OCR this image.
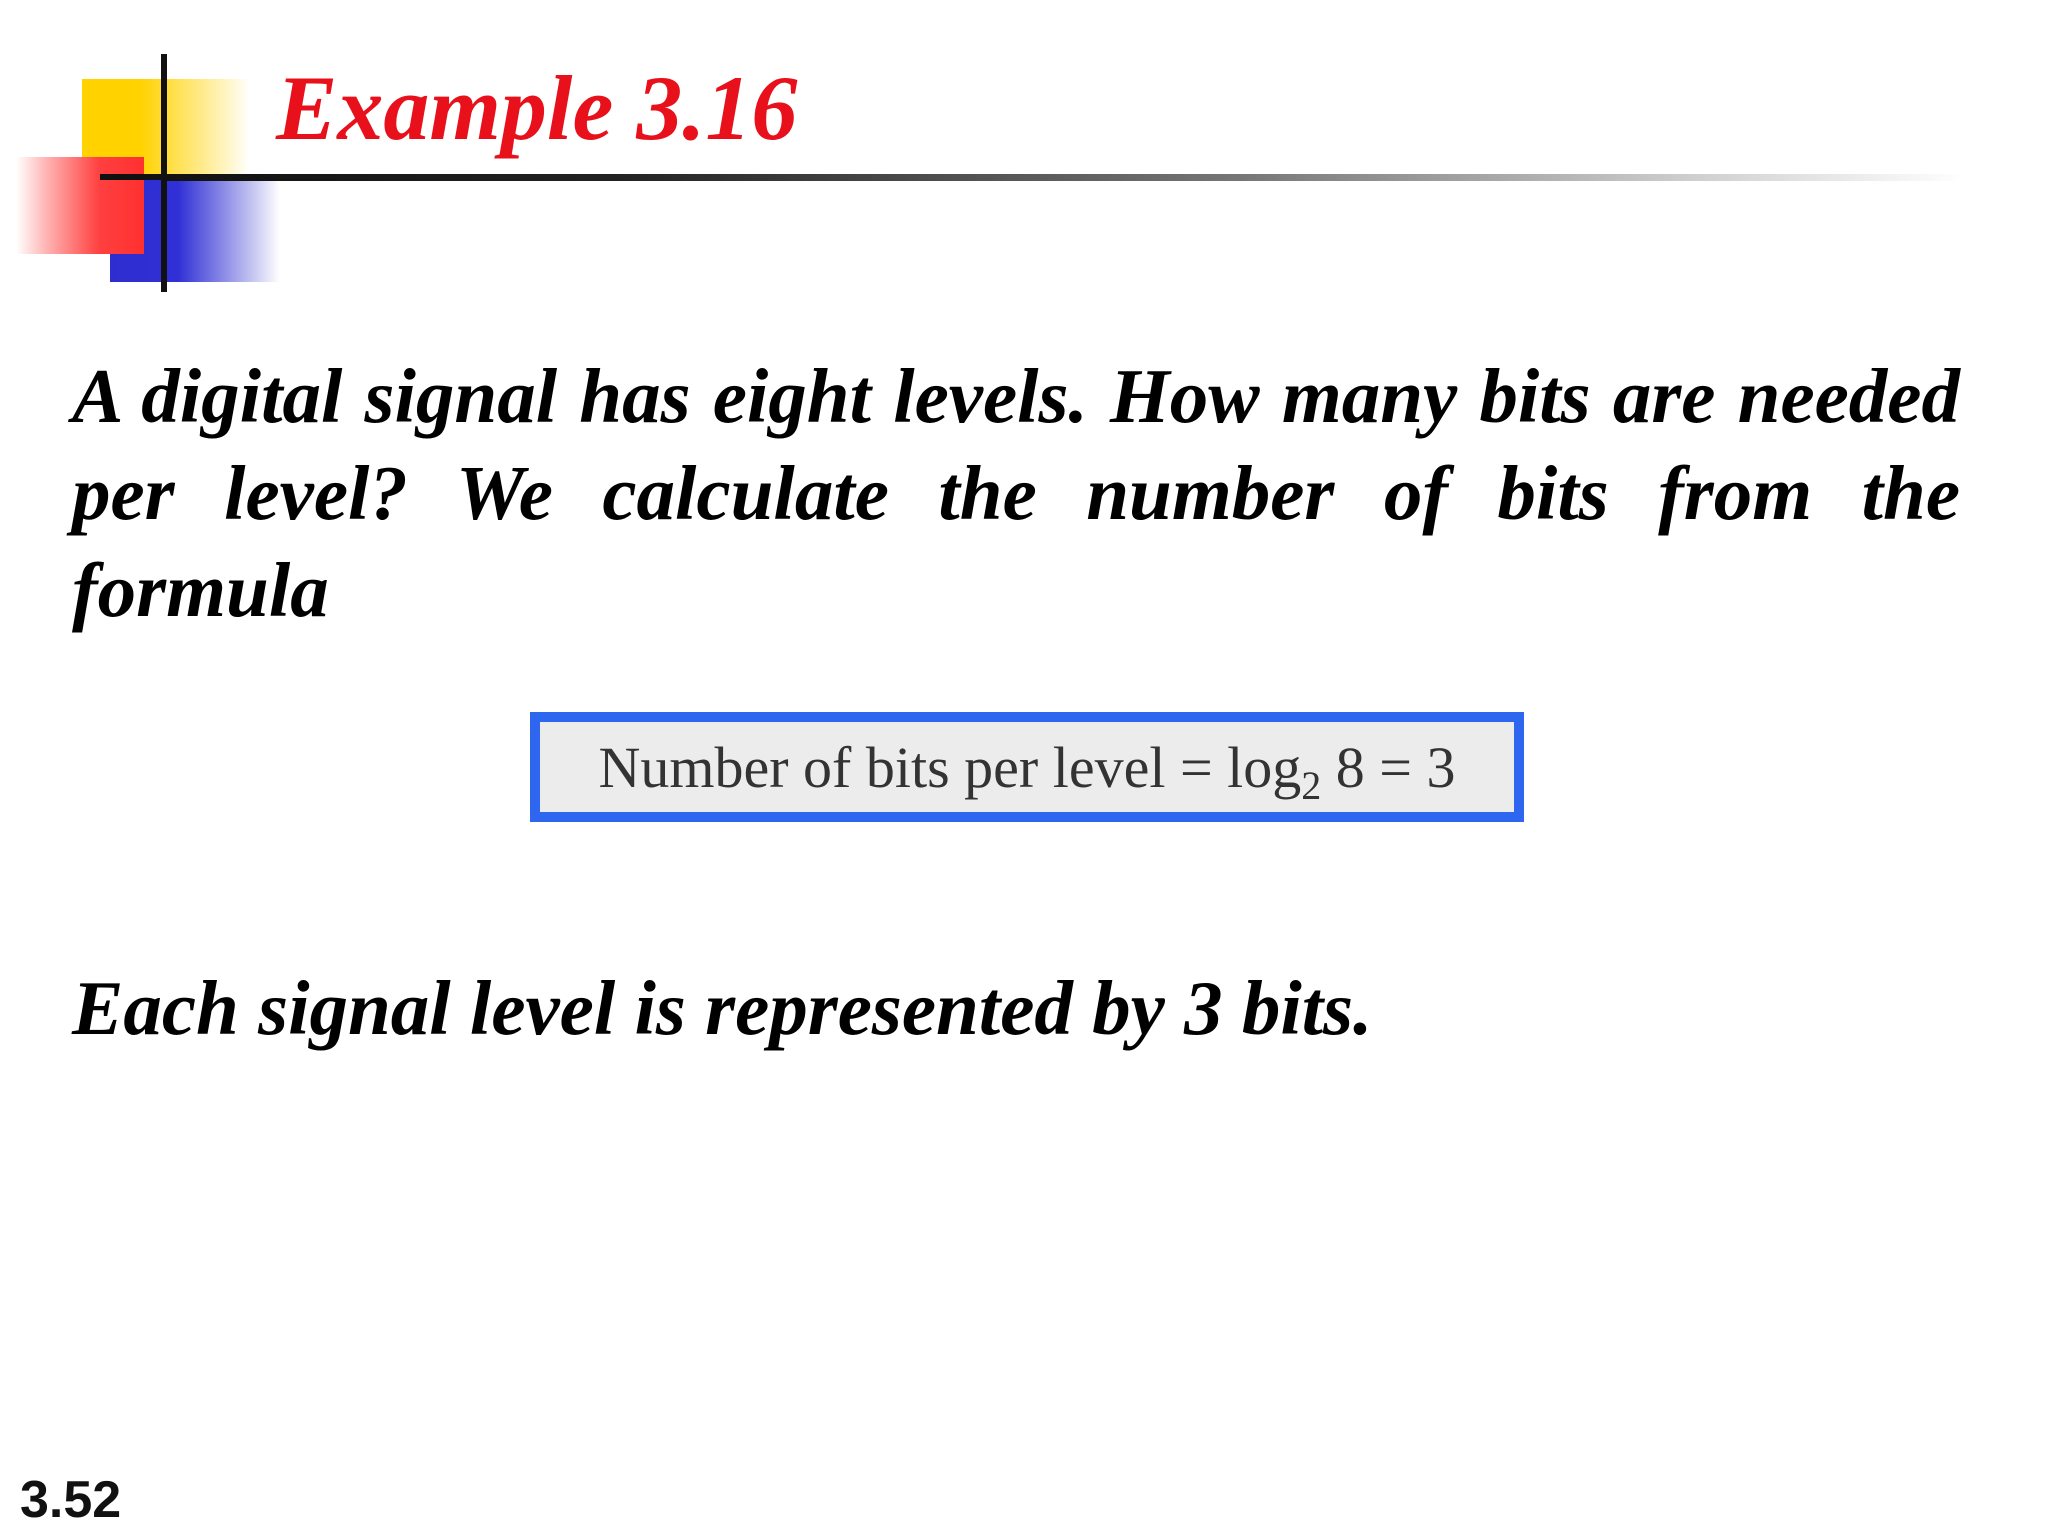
Example 3.16
A digital signal has eight levels. How many bits are needed per level? We calculate the number of bits from the formula
Number of bits per level = $\log_2 8 = 3$
Each signal level is represented by 3 bits.
3.52
